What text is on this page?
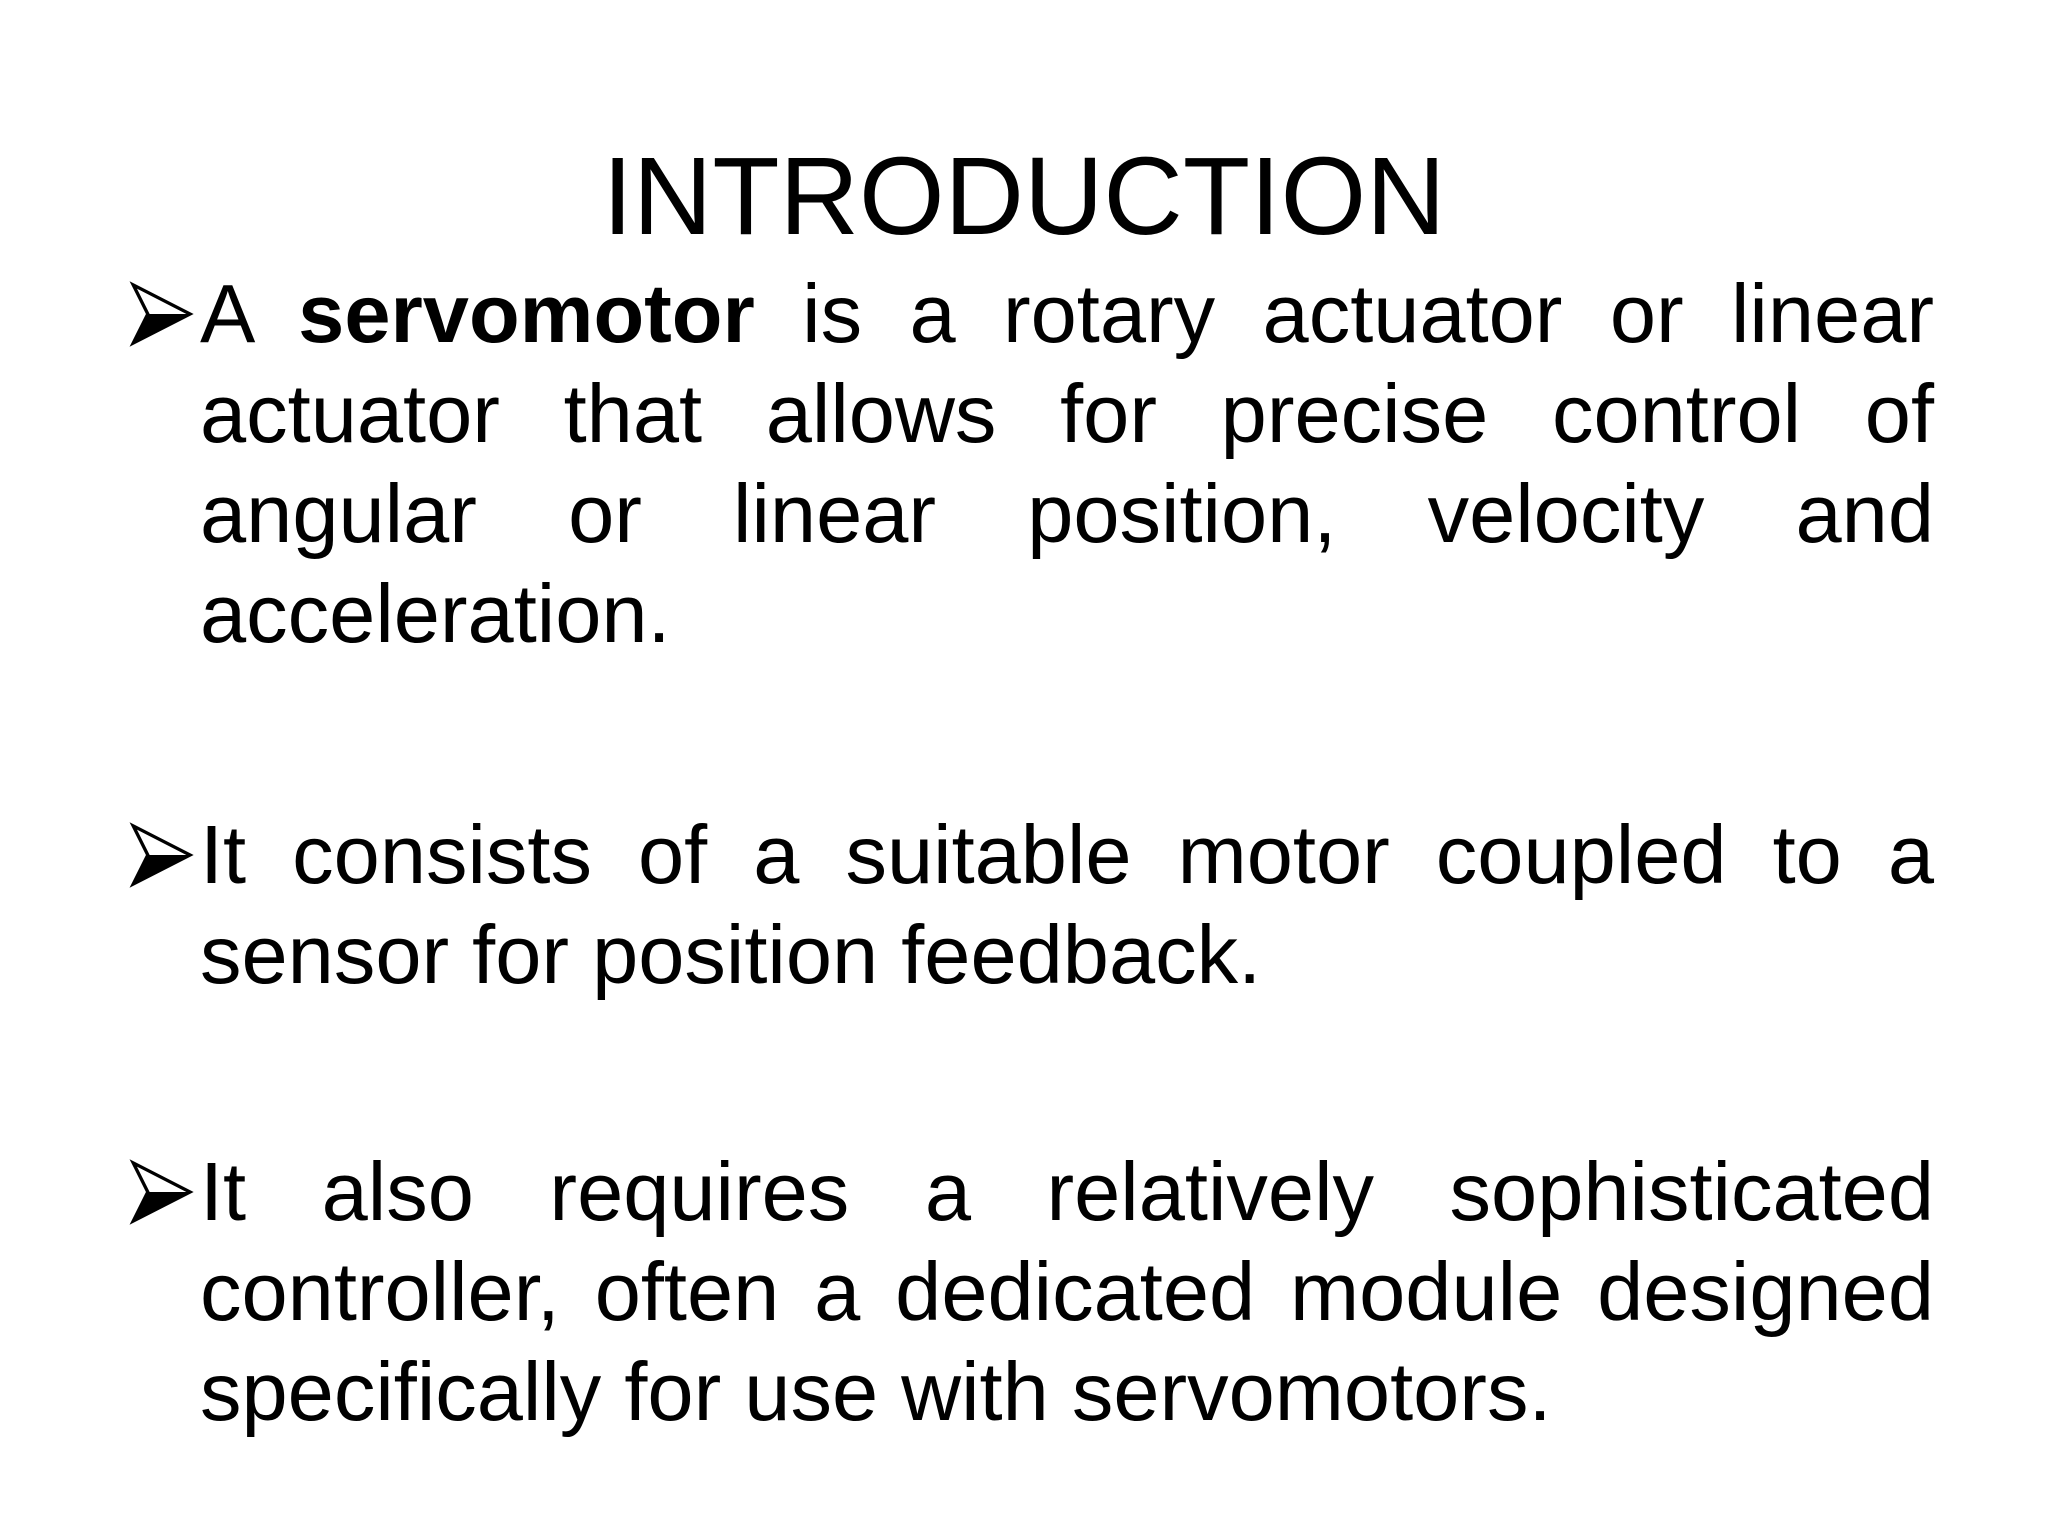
INTRODUCTION

A servomotor is a rotary actuator or linear actuator that allows for precise control of angular or linear position, velocity and acceleration.

It consists of a suitable motor coupled to a sensor for position feedback.

It also requires a relatively sophisticated controller, often a dedicated module designed specifically for use with servomotors.
